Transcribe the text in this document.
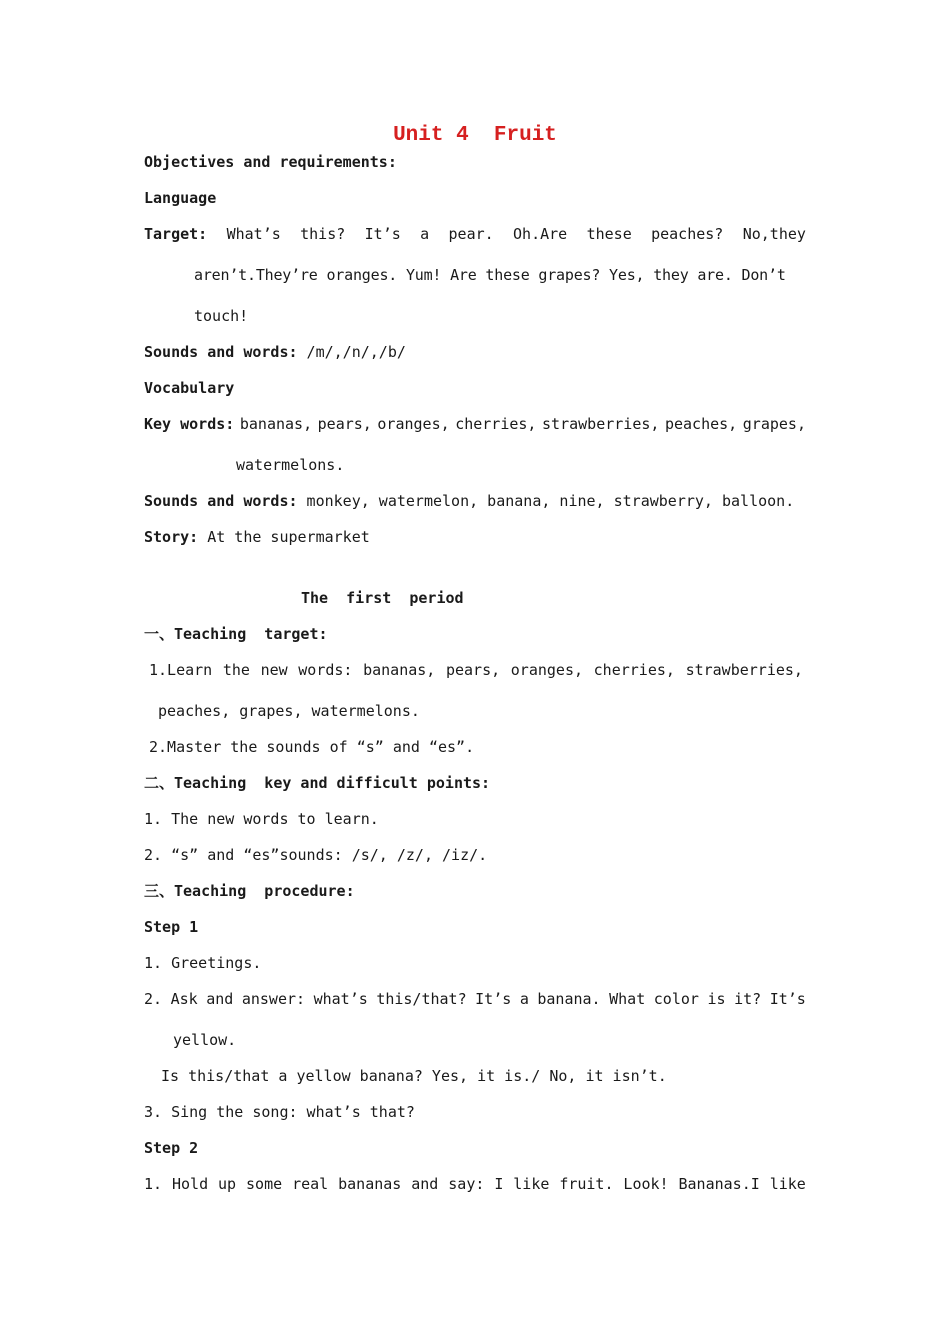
Unit 4  Fruit
Objectives and requirements:
Language
Target: What’s this? It’s a pear. Oh.Are these peaches? No,they
aren’t.They’re oranges. Yum! Are these grapes? Yes, they are. Don’t
touch!
Sounds and words: /m/,/n/,/b/
Vocabulary
Key words: bananas, pears, oranges, cherries, strawberries, peaches, grapes,
watermelons.
Sounds and words: monkey, watermelon, banana, nine, strawberry, balloon.
Story: At the supermarket
The  first  period
一、Teaching  target:
1.Learn the new words: bananas, pears, oranges, cherries, strawberries,
peaches, grapes, watermelons.
2.Master the sounds of “s” and “es”.
二、Teaching  key and difficult points:
1. The new words to learn.
2. “s” and “es”sounds: /s/, /z/, /iz/.
三、Teaching  procedure:
Step 1
1. Greetings.
2. Ask and answer: what’s this/that? It’s a banana. What color is it? It’s
yellow.
Is this/that a yellow banana? Yes, it is./ No, it isn’t.
3. Sing the song: what’s that?
Step 2
1. Hold up some real bananas and say: I like fruit. Look! Bananas.I like
